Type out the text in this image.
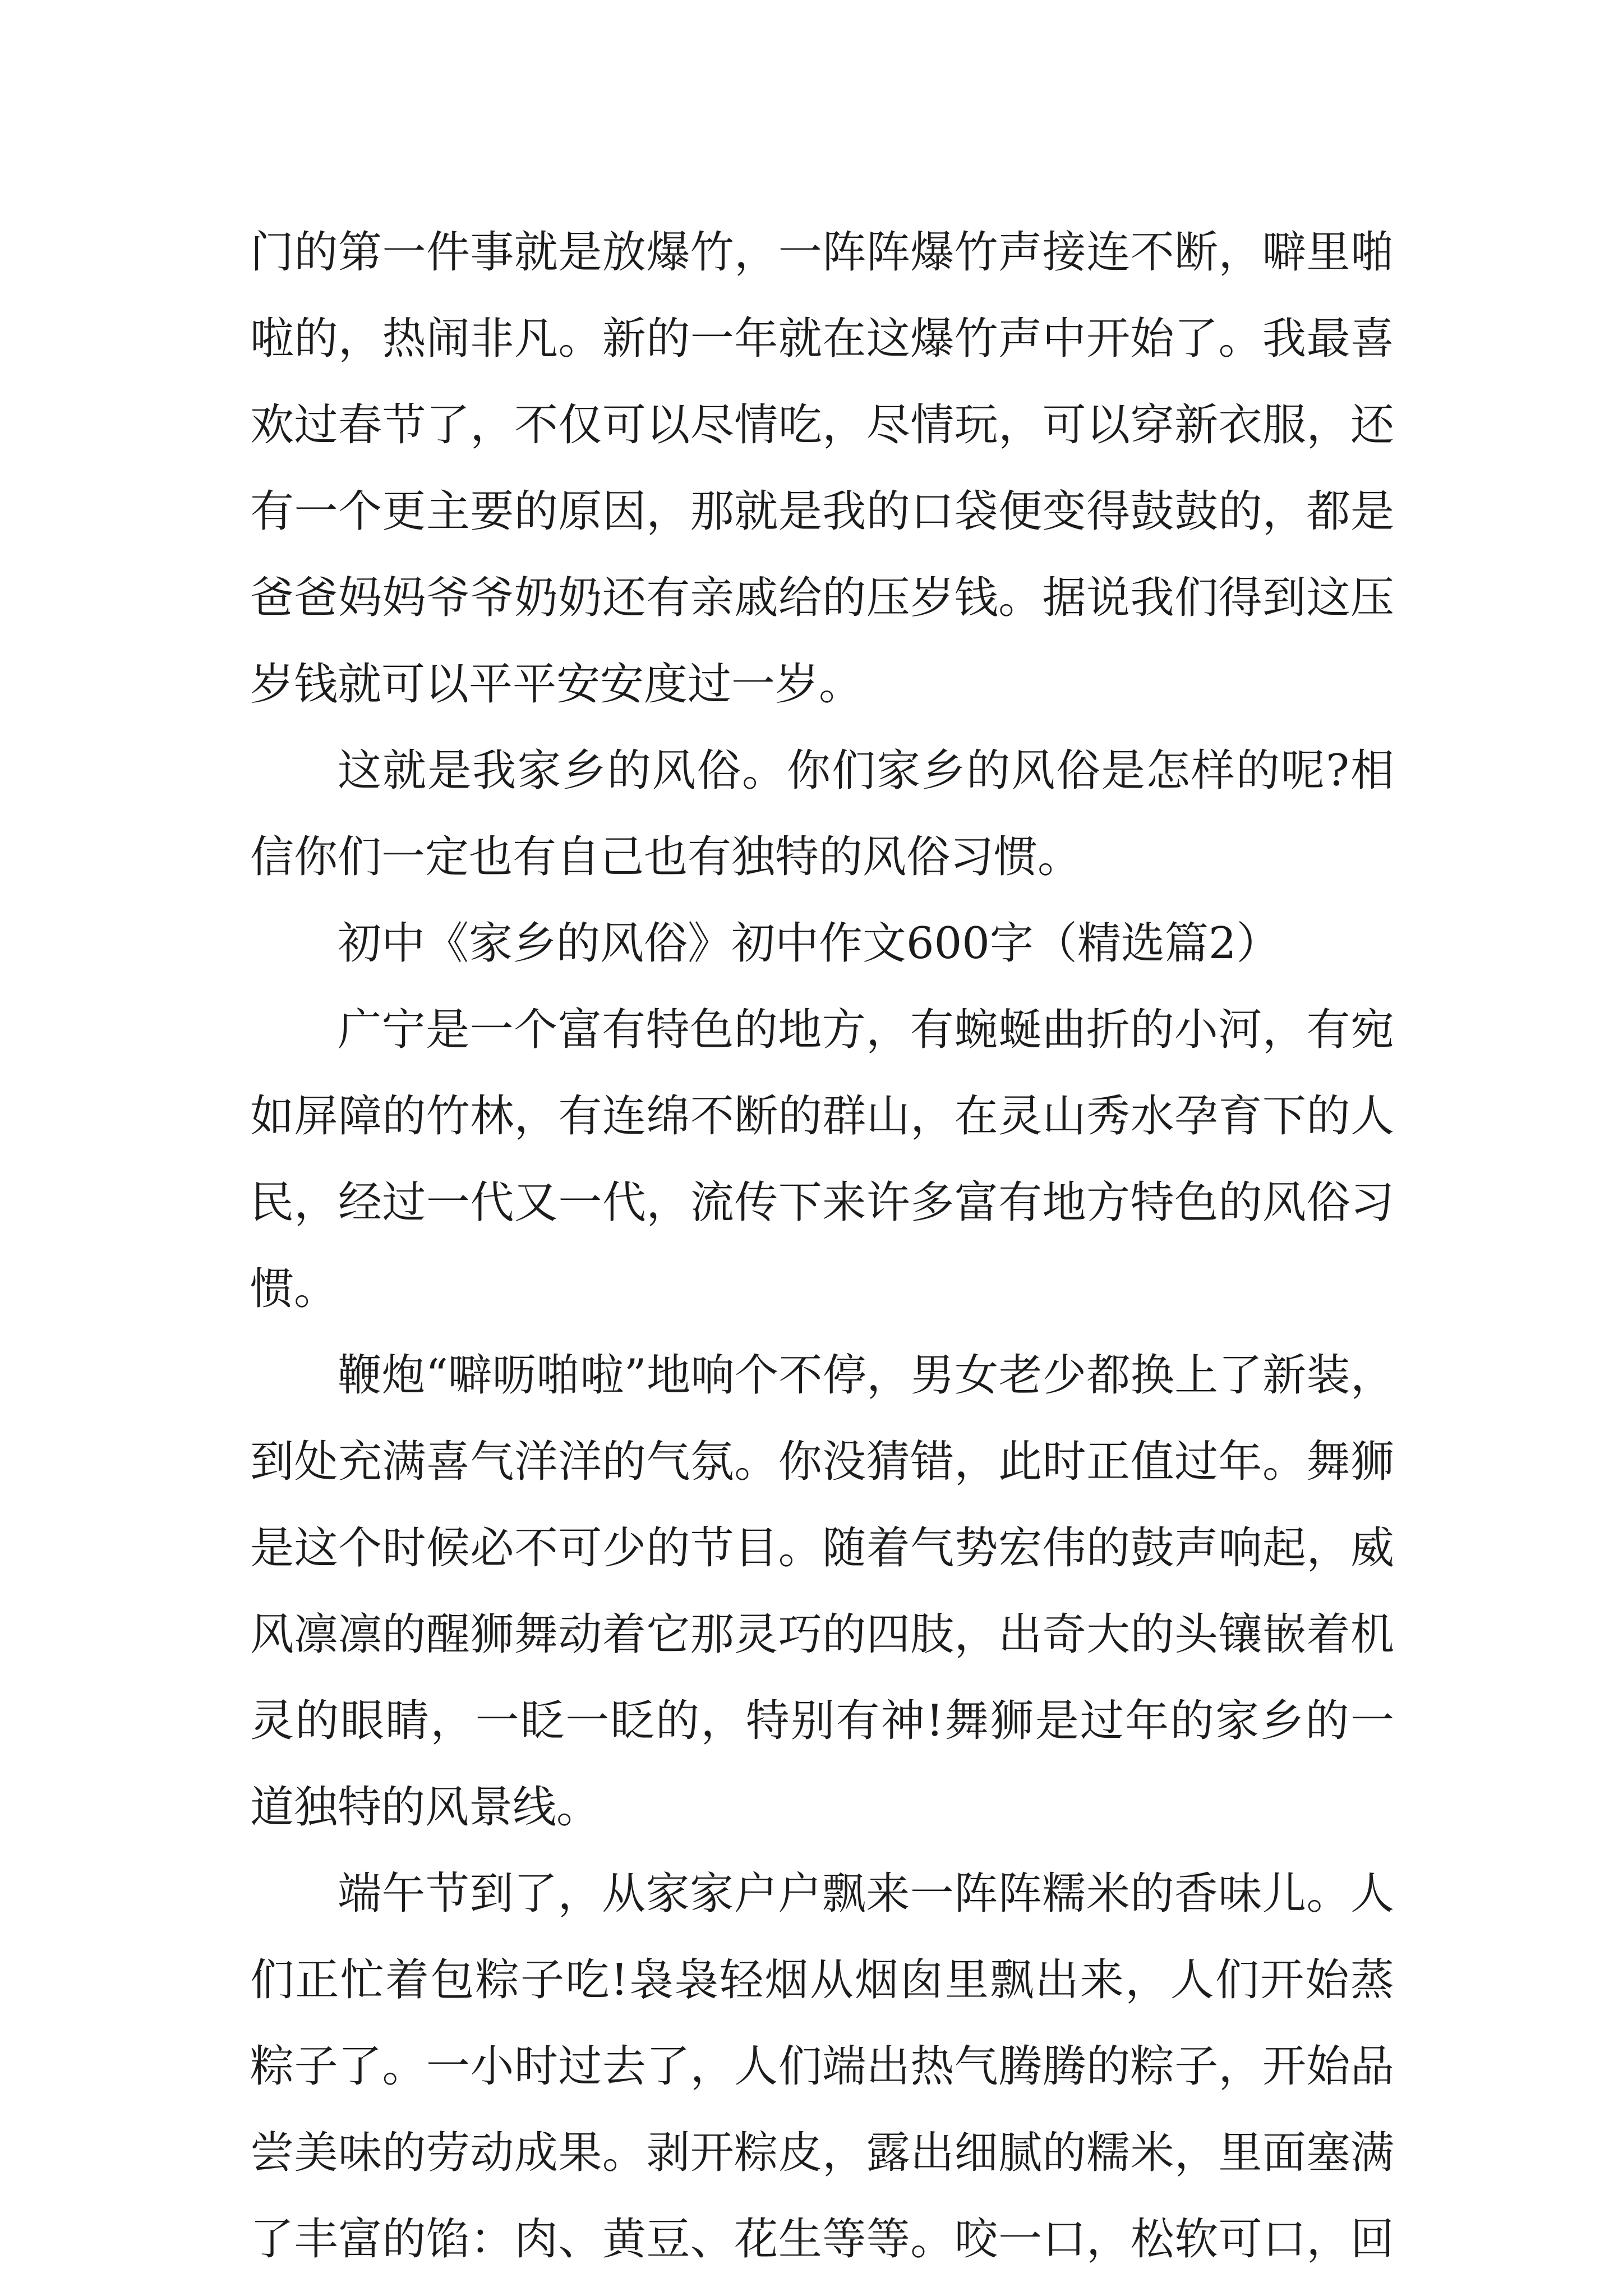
门的第一件事就是放爆竹，一阵阵爆竹声接连不断，噼里啪
啦的，热闹非凡。新的一年就在这爆竹声中开始了。我最喜
欢过春节了，不仅可以尽情吃，尽情玩，可以穿新衣服，还
有一个更主要的原因，那就是我的口袋便变得鼓鼓的，都是
爸爸妈妈爷爷奶奶还有亲戚给的压岁钱。据说我们得到这压
岁钱就可以平平安安度过一岁。
这就是我家乡的风俗。你们家乡的风俗是怎样的呢?相
信你们一定也有自己也有独特的风俗习惯。
初中《家乡的风俗》初中作文600字（精选篇2）
广宁是一个富有特色的地方，有蜿蜒曲折的小河，有宛
如屏障的竹林，有连绵不断的群山，在灵山秀水孕育下的人
民，经过一代又一代，流传下来许多富有地方特色的风俗习
惯。
鞭炮“噼呖啪啦”地响个不停，男女老少都换上了新装，
到处充满喜气洋洋的气氛。你没猜错，此时正值过年。舞狮
是这个时候必不可少的节目。随着气势宏伟的鼓声响起，威
风凛凛的醒狮舞动着它那灵巧的四肢，出奇大的头镶嵌着机
灵的眼睛，一眨一眨的，特别有神!舞狮是过年的家乡的一
道独特的风景线。
端午节到了，从家家户户飘来一阵阵糯米的香味儿。人
们正忙着包粽子吃!袅袅轻烟从烟囱里飘出来，人们开始蒸
粽子了。一小时过去了，人们端出热气腾腾的粽子，开始品
尝美味的劳动成果。剥开粽皮，露出细腻的糯米，里面塞满
了丰富的馅：肉、黄豆、花生等等。咬一口，松软可口，回
